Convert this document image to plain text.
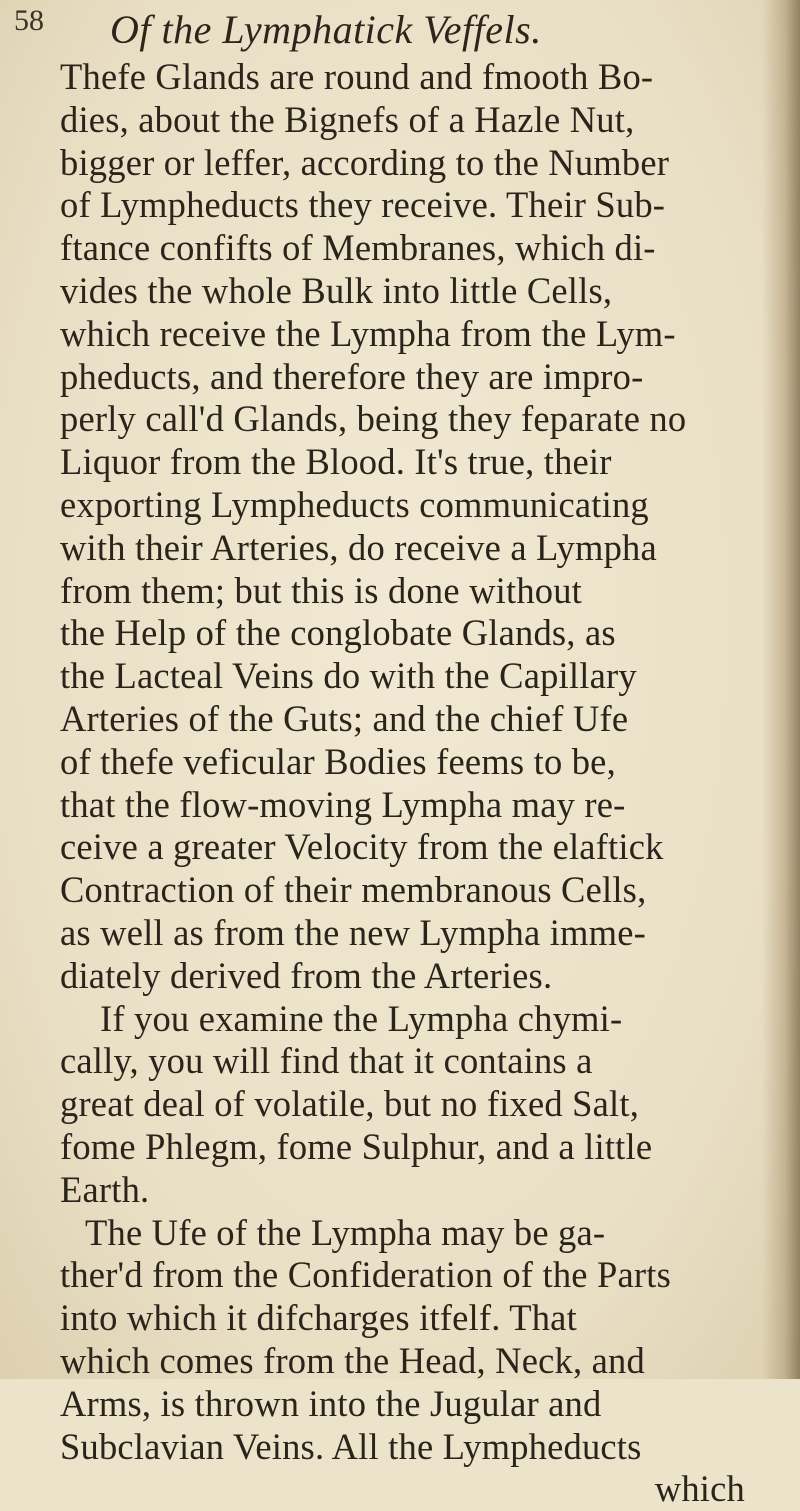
58 Of the Lymphatick Veffels.
Thefe Glands are round and fmooth Bo-
dies, about the Bignefs of a Hazle Nut,
bigger or leffer, according to the Number
of Lympheducts they receive. Their Sub-
ftance confifts of Membranes, which di-
vides the whole Bulk into little Cells,
which receive the Lympha from the Lym-
pheducts, and therefore they are impro-
perly call'd Glands, being they feparate no
Liquor from the Blood. It's true, their
exporting Lympheducts communicating
with their Arteries, do receive a Lympha
from them; but this is done without
the Help of the conglobate Glands, as
the Lacteal Veins do with the Capillary
Arteries of the Guts; and the chief Ufe
of thefe veficular Bodies feems to be,
that the flow-moving Lympha may re-
ceive a greater Velocity from the elaftick
Contraction of their membranous Cells,
as well as from the new Lympha imme-
diately derived from the Arteries.
If you examine the Lympha chymi-
cally, you will find that it contains a
great deal of volatile, but no fixed Salt,
fome Phlegm, fome Sulphur, and a little
Earth.
The Ufe of the Lympha may be ga-
ther'd from the Confideration of the Parts
into which it difcharges itfelf. That
which comes from the Head, Neck, and
Arms, is thrown into the Jugular and
Subclavian Veins. All the Lympheducts
which
